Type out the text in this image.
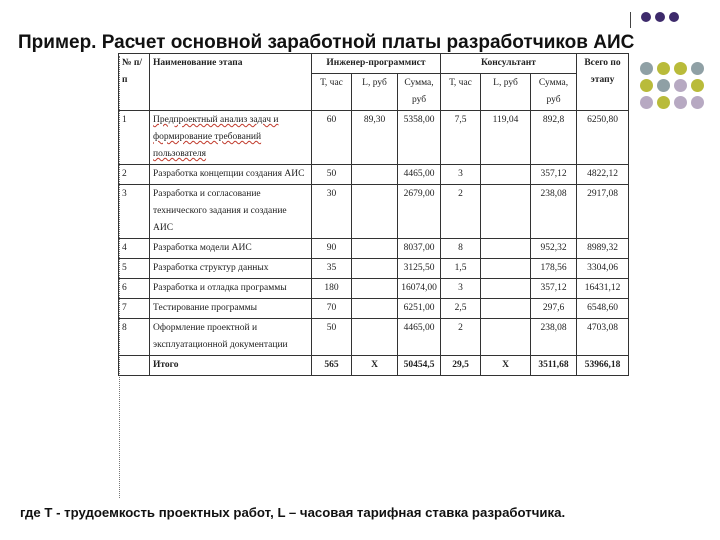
Пример. Расчет основной заработной платы разработчиков АИС
№ п/п	Наименование этапа	Инженер-программист			Консультант			Всего по этапу
		Т, час	L, руб	Сумма, руб	Т, час	L, руб	Сумма, руб	
1	Предпроектный анализ задач и формирование требований пользователя	60	89,30	5358,00	7,5	119,04	892,8	6250,80
2	Разработка концепции создания АИС	50		4465,00	3		357,12	4822,12
3	Разработка и согласование технического задания и создание АИС	30		2679,00	2		238,08	2917,08
4	Разработка модели АИС	90		8037,00	8		952,32	8989,32
5	Разработка структур данных	35		3125,50	1,5		178,56	3304,06
6	Разработка и отладка программы	180		16074,00	3		357,12	16431,12
7	Тестирование программы	70		6251,00	2,5		297,6	6548,60
8	Оформление проектной и эксплуатационной документации	50		4465,00	2		238,08	4703,08
	Итого	565	Х	50454,5	29,5	Х	3511,68	53966,18
где Т - трудоемкость проектных работ, L – часовая тарифная ставка разработчика.
